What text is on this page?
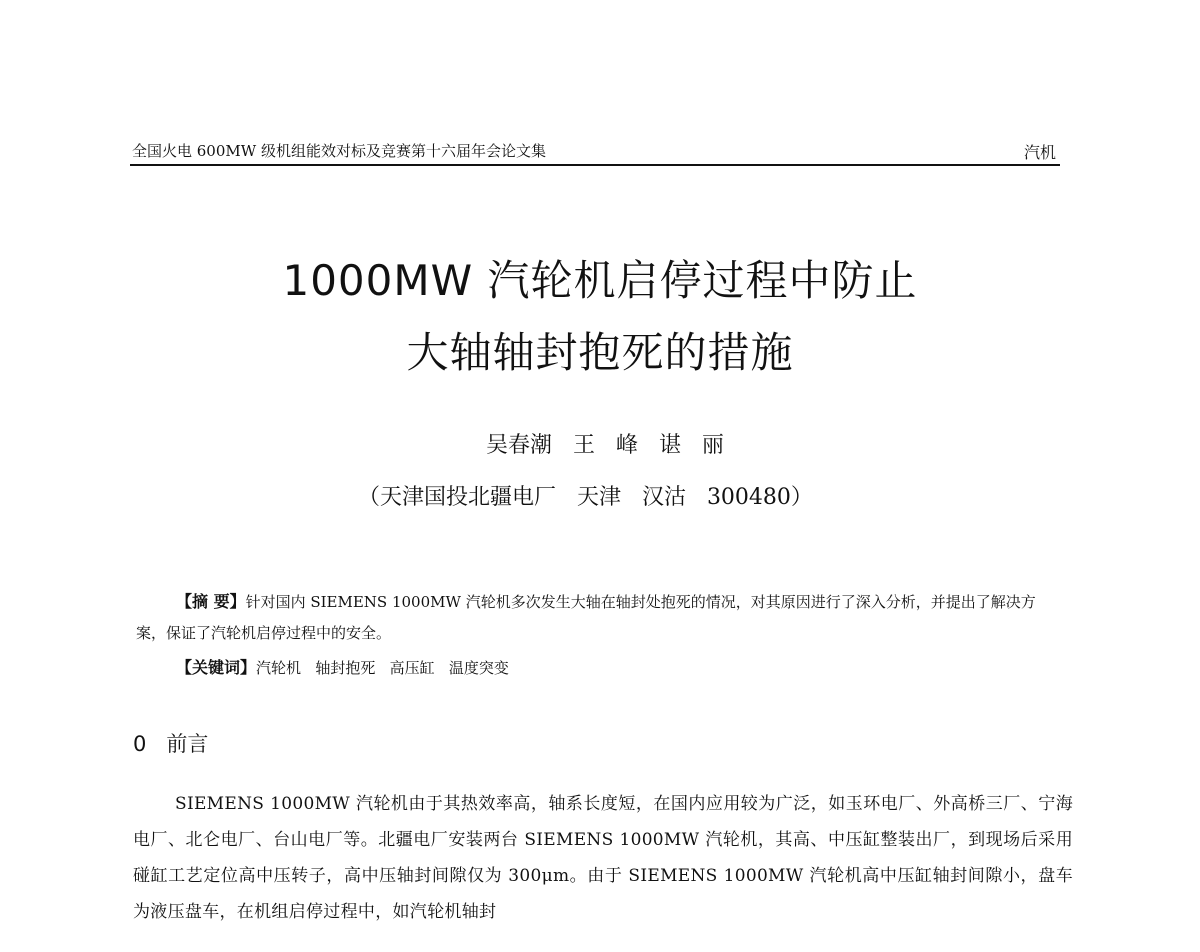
全国火电 600MW 级机组能效对标及竞赛第十六届年会论文集	汽机
1000MW 汽轮机启停过程中防止
大轴轴封抱死的措施
吴春潮   王   峰   谌   丽
（天津国投北疆电厂   天津   汉沽   300480）
【摘 要】针对国内 SIEMENS 1000MW 汽轮机多次发生大轴在轴封处抱死的情况，对其原因进行了深入分析，并提出了解决方案，保证了汽轮机启停过程中的安全。
【关键词】汽轮机   轴封抱死   高压缸   温度突变
0   前言
SIEMENS 1000MW 汽轮机由于其热效率高，轴系长度短，在国内应用较为广泛，如玉环电厂、外高桥三厂、宁海电厂、北仑电厂、台山电厂等。北疆电厂安装两台 SIEMENS 1000MW 汽轮机，其高、中压缸整装出厂，到现场后采用碰缸工艺定位高中压转子，高中压轴封间隙仅为 300μm。由于 SIEMENS 1000MW 汽轮机高中压缸轴封间隙小，盘车为液压盘车，在机组启停过程中，如汽轮机轴封
